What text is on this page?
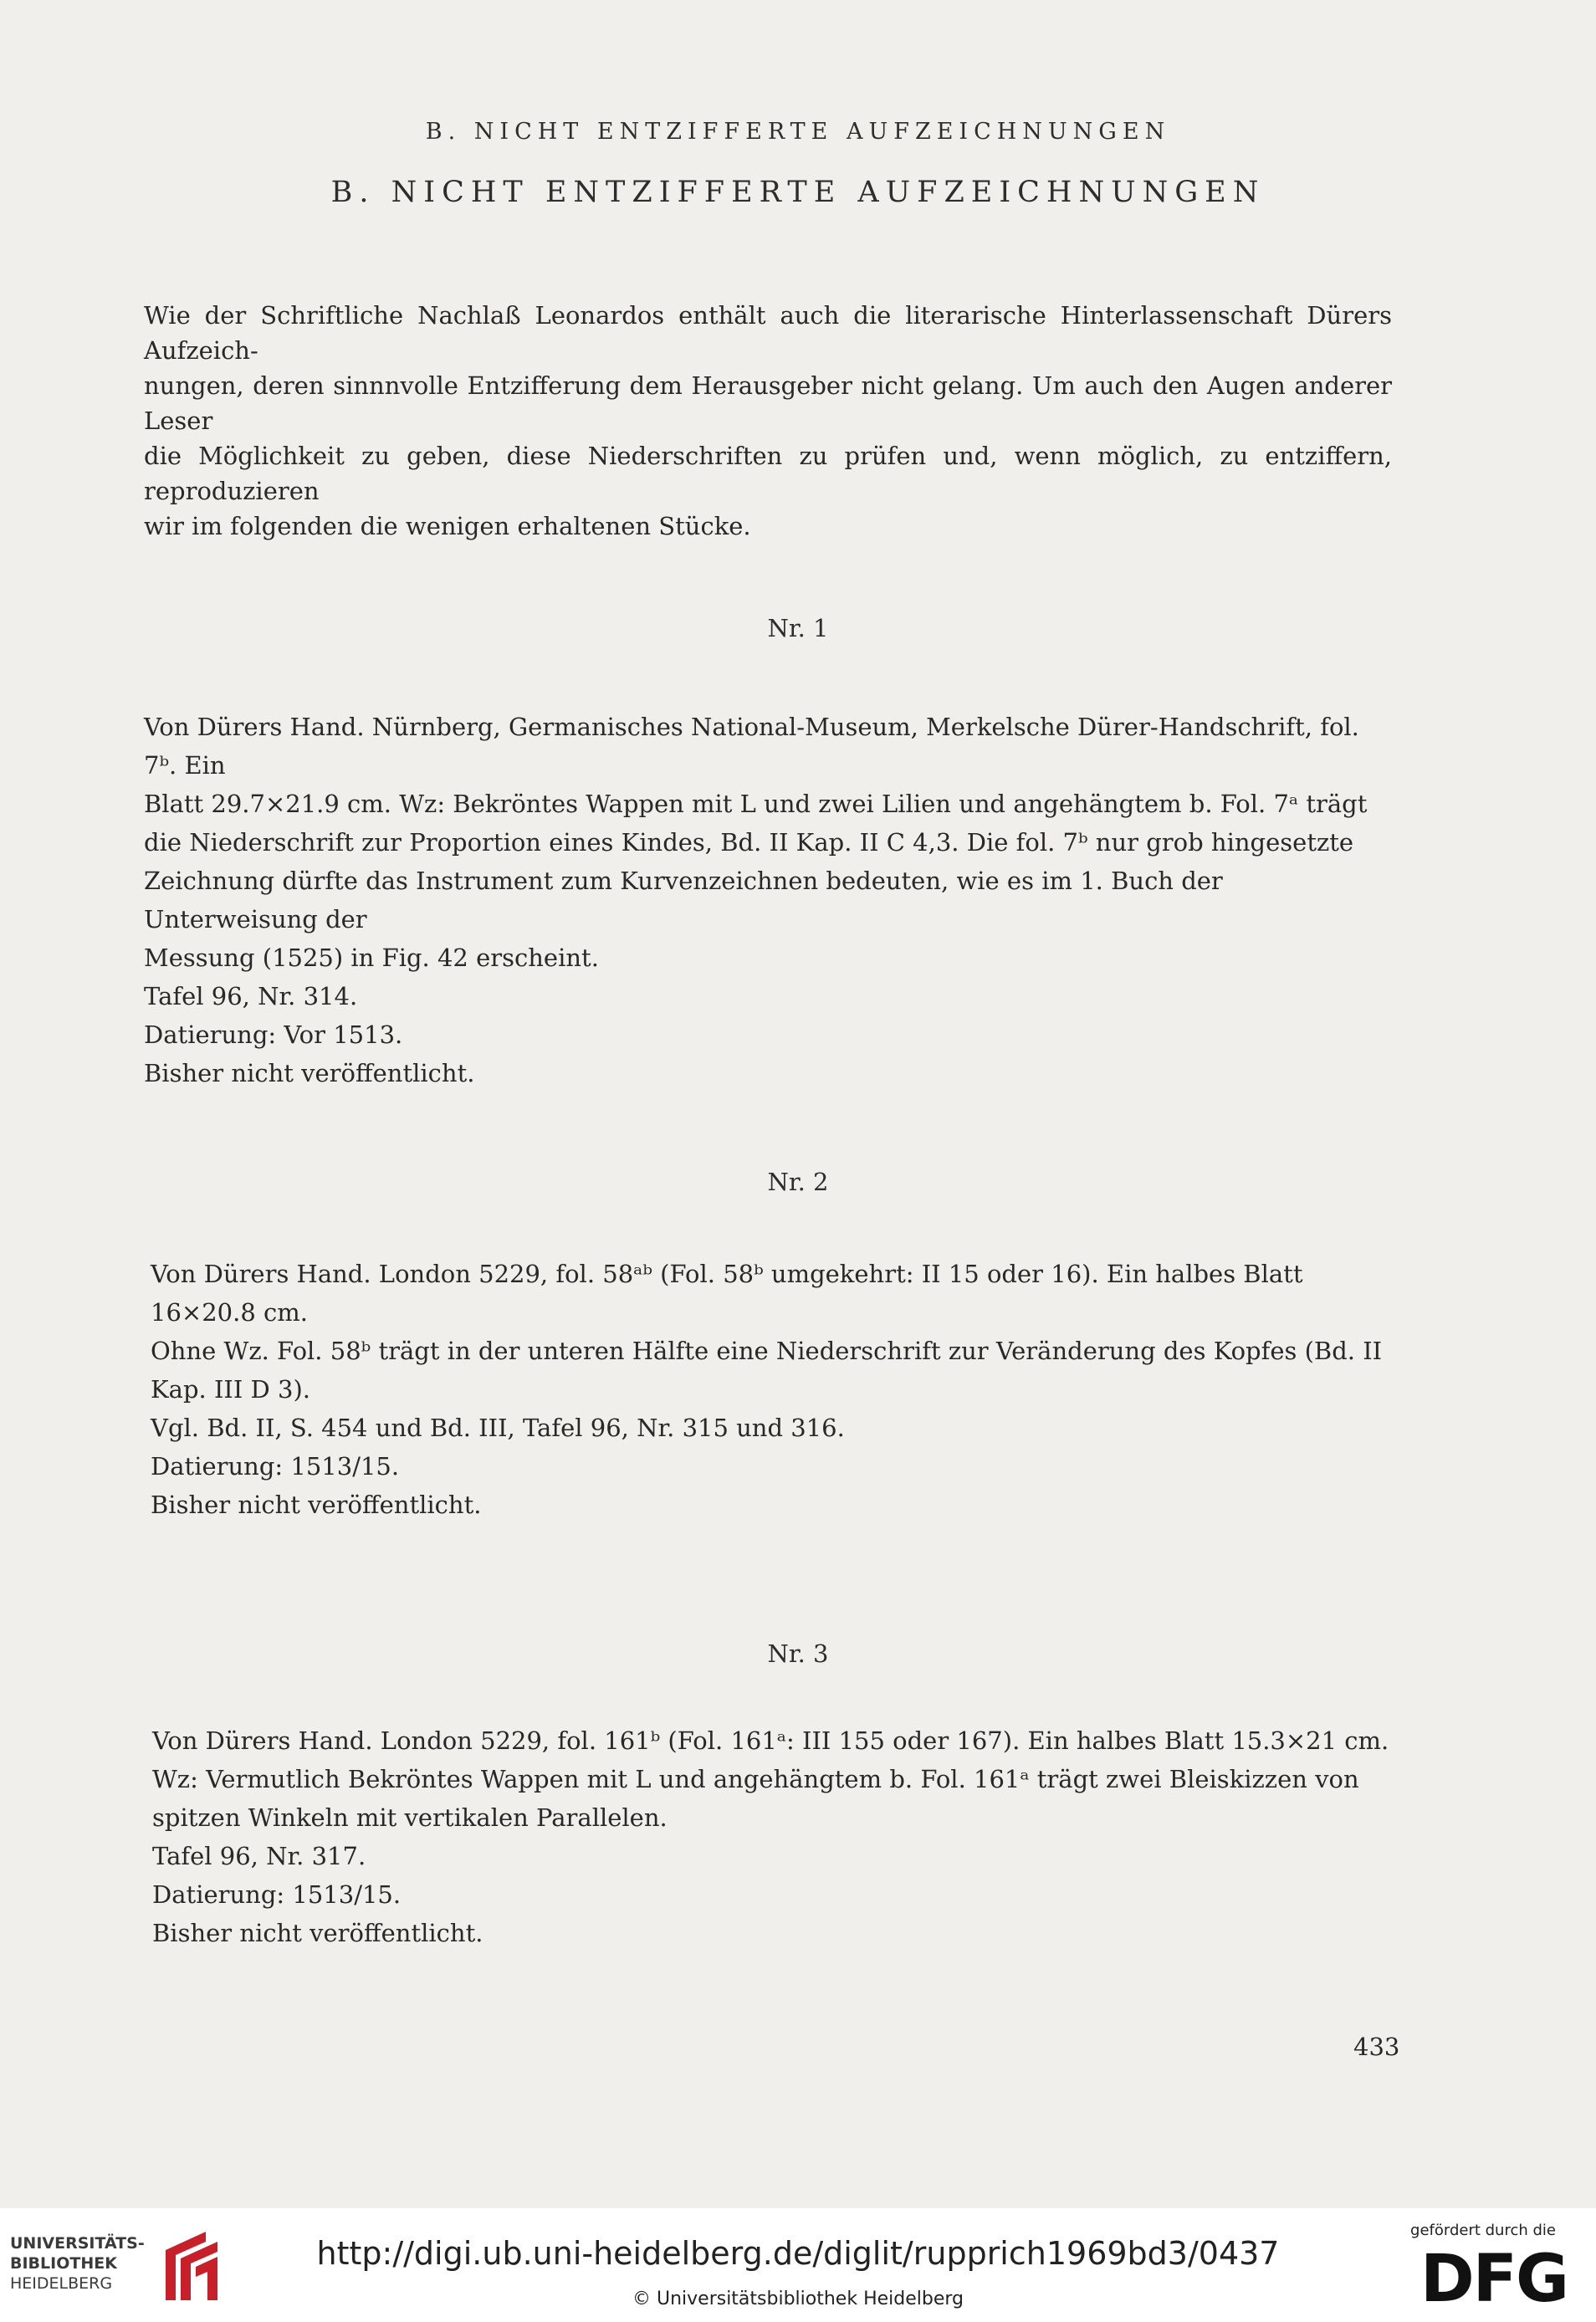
B. NICHT ENTZIFFERTE AUFZEICHNUNGEN
B. NICHT ENTZIFFERTE AUFZEICHNUNGEN
Wie der Schriftliche Nachlaß Leonardos enthält auch die literarische Hinterlassenschaft Dürers Aufzeich-
nungen, deren sinnnvolle Entzifferung dem Herausgeber nicht gelang. Um auch den Augen anderer Leser
die Möglichkeit zu geben, diese Niederschriften zu prüfen und, wenn möglich, zu entziffern, reproduzieren
wir im folgenden die wenigen erhaltenen Stücke.
Nr. 1
Von Dürers Hand. Nürnberg, Germanisches National-Museum, Merkelsche Dürer-Handschrift, fol. 7ᵇ. Ein
Blatt 29.7×21.9 cm. Wz: Bekröntes Wappen mit L und zwei Lilien und angehängtem b. Fol. 7ᵃ trägt
die Niederschrift zur Proportion eines Kindes, Bd. II Kap. II C 4,3. Die fol. 7ᵇ nur grob hingesetzte
Zeichnung dürfte das Instrument zum Kurvenzeichnen bedeuten, wie es im 1. Buch der Unterweisung der
Messung (1525) in Fig. 42 erscheint.
Tafel 96, Nr. 314.
Datierung: Vor 1513.
Bisher nicht veröffentlicht.
Nr. 2
Von Dürers Hand. London 5229, fol. 58ᵃᵇ (Fol. 58ᵇ umgekehrt: II 15 oder 16). Ein halbes Blatt 16×20.8 cm.
Ohne Wz. Fol. 58ᵇ trägt in der unteren Hälfte eine Niederschrift zur Veränderung des Kopfes (Bd. II
Kap. III D 3).
Vgl. Bd. II, S. 454 und Bd. III, Tafel 96, Nr. 315 und 316.
Datierung: 1513/15.
Bisher nicht veröffentlicht.
Nr. 3
Von Dürers Hand. London 5229, fol. 161ᵇ (Fol. 161ᵃ: III 155 oder 167). Ein halbes Blatt 15.3×21 cm.
Wz: Vermutlich Bekröntes Wappen mit L und angehängtem b. Fol. 161ᵃ trägt zwei Bleiskizzen von
spitzen Winkeln mit vertikalen Parallelen.
Tafel 96, Nr. 317.
Datierung: 1513/15.
Bisher nicht veröffentlicht.
433
UNIVERSITÄTS-
BIBLIOTHEK
HEIDELBERG
http://digi.ub.uni-heidelberg.de/diglit/rupprich1969bd3/0437
© Universitätsbibliothek Heidelberg
gefördert durch die
DFG
